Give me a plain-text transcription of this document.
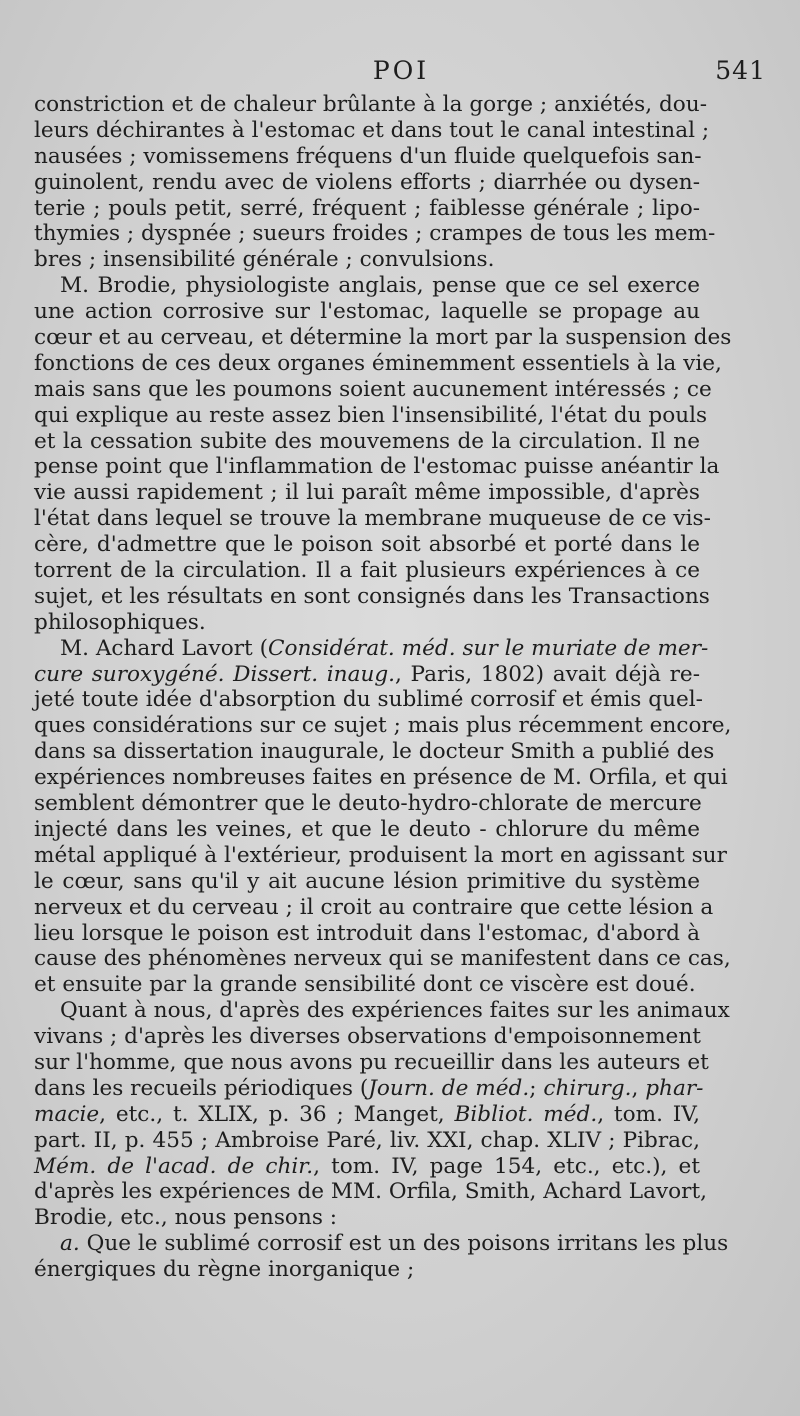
POI	541
constriction et de chaleur brûlante à la gorge ; anxiétés, dou-
leurs déchirantes à l'estomac et dans tout le canal intestinal ;
nausées ; vomissemens fréquens d'un fluide quelquefois san-
guinolent, rendu avec de violens efforts ; diarrhée ou dysen-
terie ; pouls petit, serré, fréquent ; faiblesse générale ; lipo-
thymies ; dyspnée ; sueurs froides ; crampes de tous les mem-
bres ; insensibilité générale ; convulsions.
M. Brodie, physiologiste anglais, pense que ce sel exerce
une action corrosive sur l'estomac, laquelle se propage au
cœur et au cerveau, et détermine la mort par la suspension des
fonctions de ces deux organes éminemment essentiels à la vie,
mais sans que les poumons soient aucunement intéressés ; ce
qui explique au reste assez bien l'insensibilité, l'état du pouls
et la cessation subite des mouvemens de la circulation. Il ne
pense point que l'inflammation de l'estomac puisse anéantir la
vie aussi rapidement ; il lui paraît même impossible, d'après
l'état dans lequel se trouve la membrane muqueuse de ce vis-
cère, d'admettre que le poison soit absorbé et porté dans le
torrent de la circulation. Il a fait plusieurs expériences à ce
sujet, et les résultats en sont consignés dans les Transactions
philosophiques.
M. Achard Lavort (Considérat. méd. sur le muriate de mer-
cure suroxygéné. Dissert. inaug., Paris, 1802) avait déjà re-
jeté toute idée d'absorption du sublimé corrosif et émis quel-
ques considérations sur ce sujet ; mais plus récemment encore,
dans sa dissertation inaugurale, le docteur Smith a publié des
expériences nombreuses faites en présence de M. Orfila, et qui
semblent démontrer que le deuto-hydro-chlorate de mercure
injecté dans les veines, et que le deuto - chlorure du même
métal appliqué à l'extérieur, produisent la mort en agissant sur
le cœur, sans qu'il y ait aucune lésion primitive du système
nerveux et du cerveau ; il croit au contraire que cette lésion a
lieu lorsque le poison est introduit dans l'estomac, d'abord à
cause des phénomènes nerveux qui se manifestent dans ce cas,
et ensuite par la grande sensibilité dont ce viscère est doué.
Quant à nous, d'après des expériences faites sur les animaux
vivans ; d'après les diverses observations d'empoisonnement
sur l'homme, que nous avons pu recueillir dans les auteurs et
dans les recueils périodiques (Journ. de méd.; chirurg., phar-
macie, etc., t. XLIX, p. 36 ; Manget, Bibliot. méd., tom. IV,
part. II, p. 455 ; Ambroise Paré, liv. XXI, chap. XLIV ; Pibrac,
Mém. de l'acad. de chir., tom. IV, page 154, etc., etc.), et
d'après les expériences de MM. Orfila, Smith, Achard Lavort,
Brodie, etc., nous pensons :
a. Que le sublimé corrosif est un des poisons irritans les plus
énergiques du règne inorganique ;
